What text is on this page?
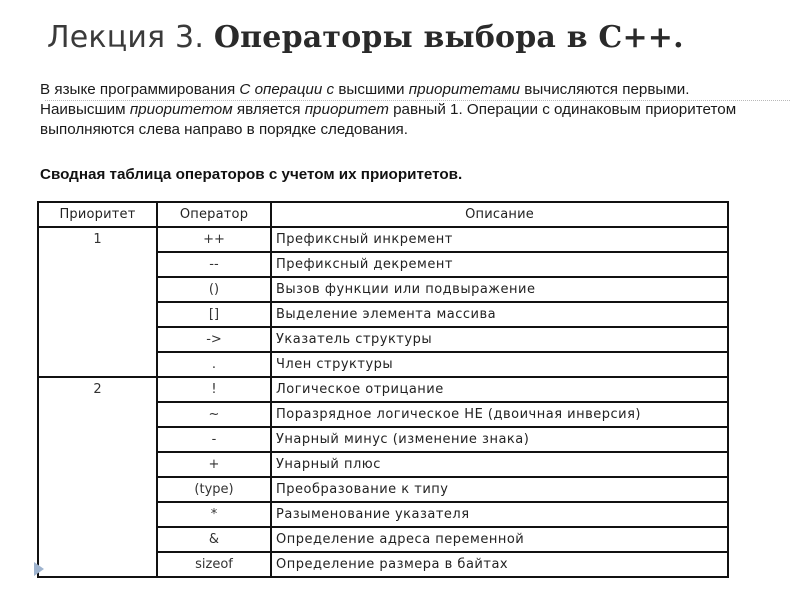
Лекция 3. Операторы выбора в С++.

В языке программирования С операции с высшими приоритетами вычисляются первыми. Наивысшим приоритетом является приоритет равный 1. Операции с одинаковым приоритетом выполняются слева направо в порядке следования.

Сводная таблица операторов с учетом их приоритетов.

Приоритет	Оператор	Описание
1	++	Префиксный инкремент
	--	Префиксный декремент
	()	Вызов функции или подвыражение
	[]	Выделение элемента массива
	->	Указатель структуры
	.	Член структуры
2	!	Логическое отрицание
	~	Поразрядное логическое НЕ (двоичная инверсия)
	-	Унарный минус (изменение знака)
	+	Унарный плюс
	(type)	Преобразование к типу
	*	Разыменование указателя
	&	Определение адреса переменной
	sizeof	Определение размера в байтах
